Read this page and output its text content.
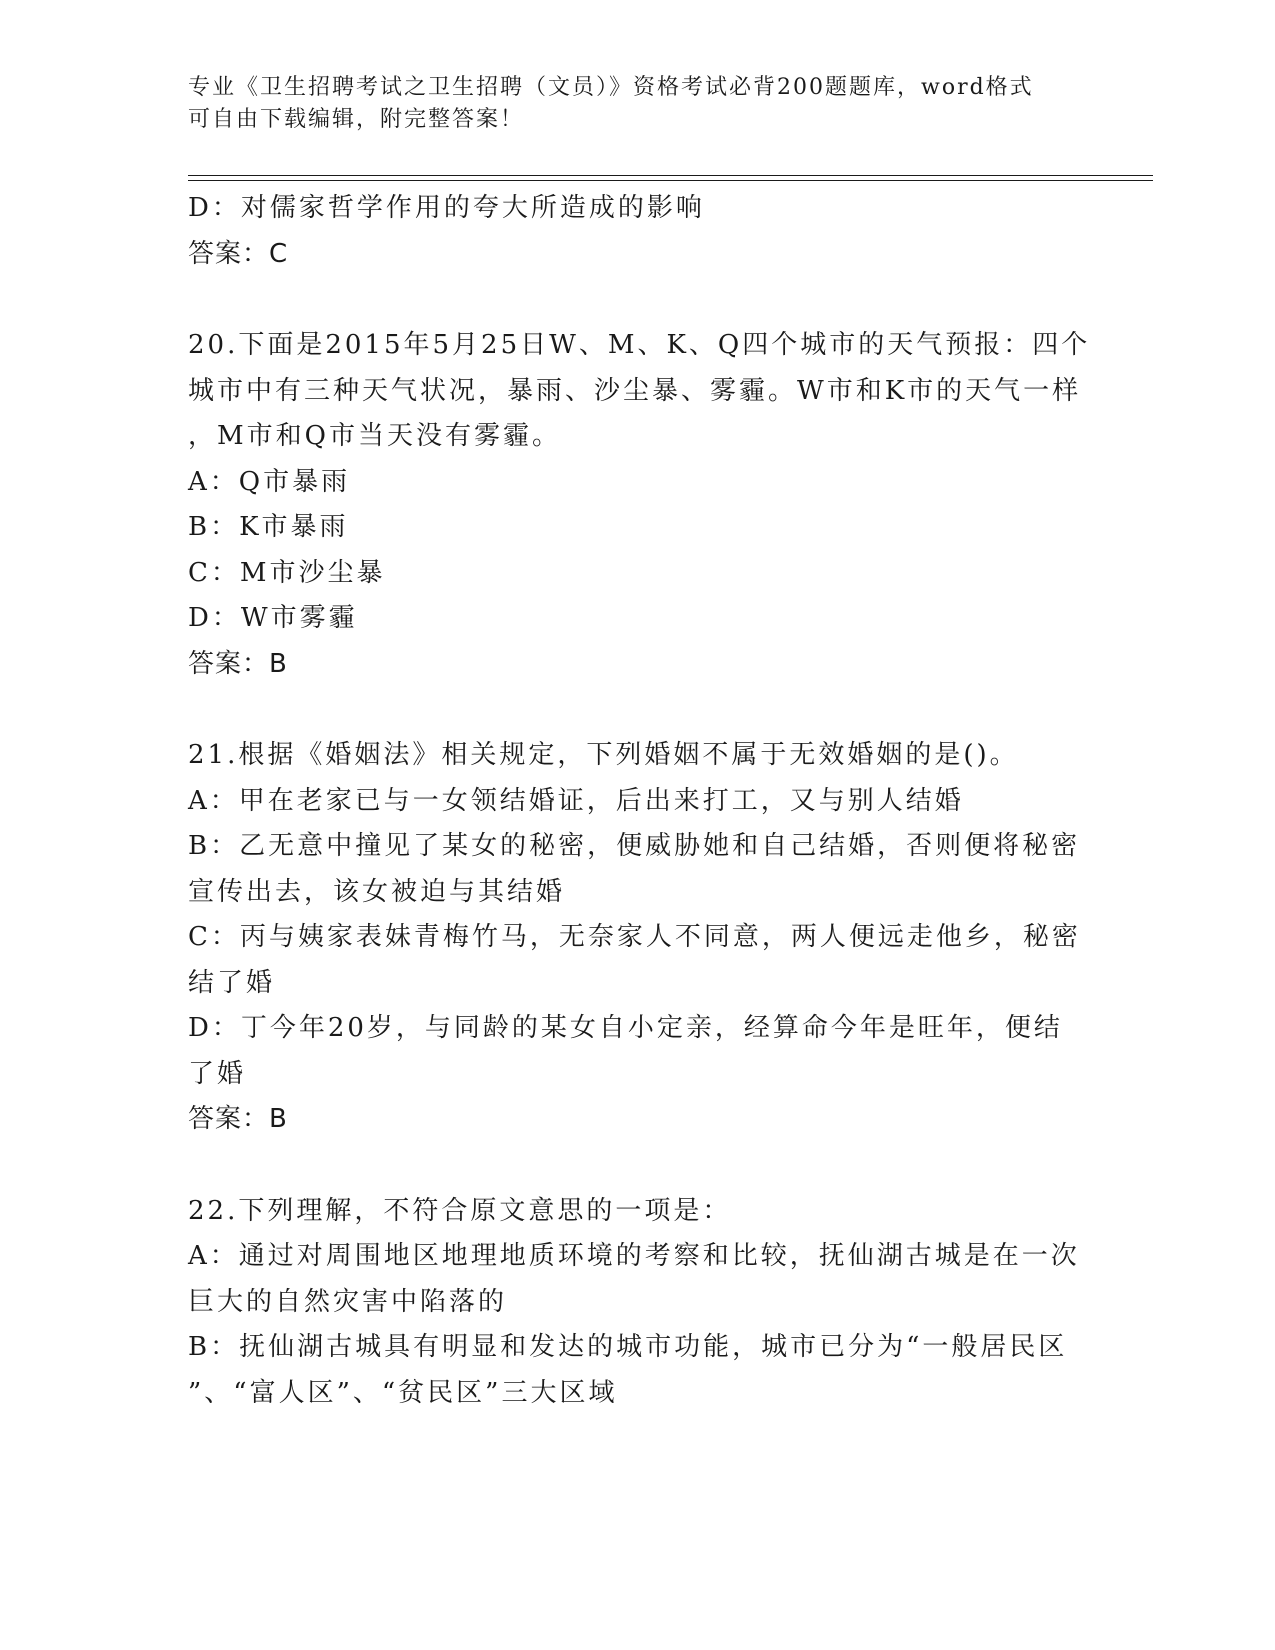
专业《卫生招聘考试之卫生招聘（文员）》资格考试必背200题题库，word格式
可自由下载编辑，附完整答案！
D：对儒家哲学作用的夸大所造成的影响
答案：C
20.下面是2015年5月25日W、M、K、Q四个城市的天气预报：四个
城市中有三种天气状况，暴雨、沙尘暴、雾霾。W市和K市的天气一样
，M市和Q市当天没有雾霾。
A：Q市暴雨
B：K市暴雨
C：M市沙尘暴
D：W市雾霾
答案：B
21.根据《婚姻法》相关规定，下列婚姻不属于无效婚姻的是()。
A：甲在老家已与一女领结婚证，后出来打工，又与别人结婚
B：乙无意中撞见了某女的秘密，便威胁她和自己结婚，否则便将秘密
宣传出去，该女被迫与其结婚
C：丙与姨家表妹青梅竹马，无奈家人不同意，两人便远走他乡，秘密
结了婚
D：丁今年20岁，与同龄的某女自小定亲，经算命今年是旺年，便结
了婚
答案：B
22.下列理解，不符合原文意思的一项是：
A：通过对周围地区地理地质环境的考察和比较，抚仙湖古城是在一次
巨大的自然灾害中陷落的
B：抚仙湖古城具有明显和发达的城市功能，城市已分为“一般居民区
”、“富人区”、“贫民区”三大区域
